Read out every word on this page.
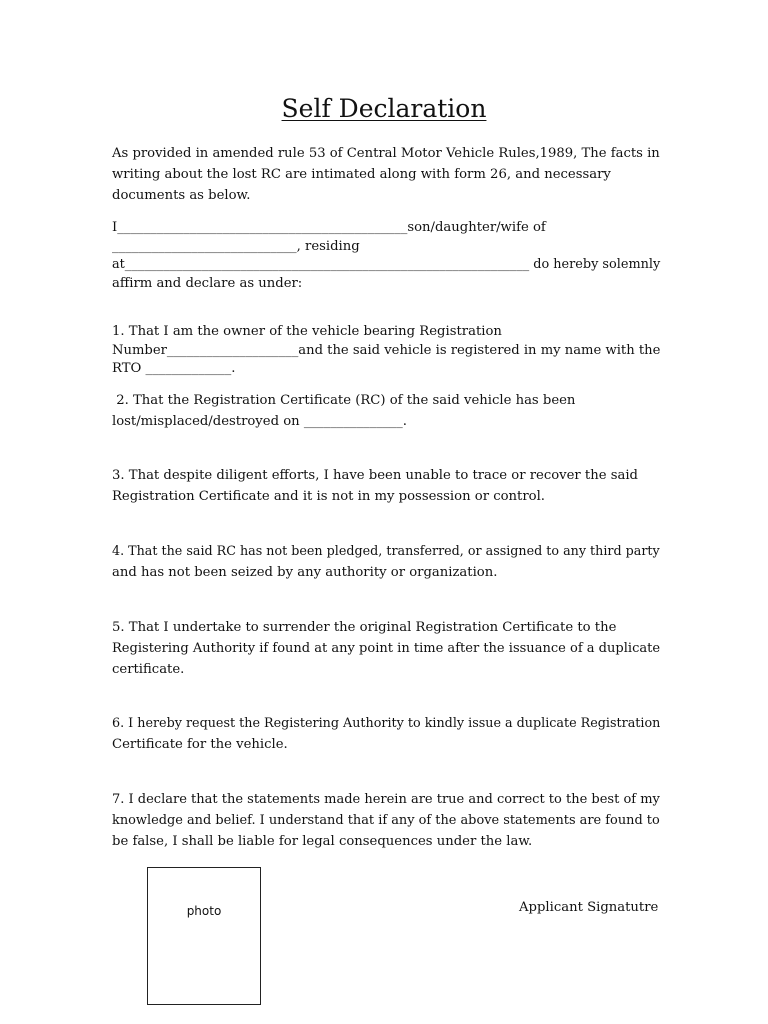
Self Declaration

As provided in amended rule 53 of Central Motor Vehicle Rules,1989, The facts in
writing about the lost RC are intimated along with form 26, and necessary
documents as below.

I____________________________________________son/daughter/wife of
____________________________, residing
at_______________________________________________________________ do hereby solemnly
affirm and declare as under:

1. That I am the owner of the vehicle bearing Registration
Number____________________and the said vehicle is registered in my name with the
RTO _____________.

2. That the Registration Certificate (RC) of the said vehicle has been
lost/misplaced/destroyed on _______________.

3. That despite diligent efforts, I have been unable to trace or recover the said
Registration Certificate and it is not in my possession or control.

4. That the said RC has not been pledged, transferred, or assigned to any third party
and has not been seized by any authority or organization.

5. That I undertake to surrender the original Registration Certificate to the
Registering Authority if found at any point in time after the issuance of a duplicate
certificate.

6. I hereby request the Registering Authority to kindly issue a duplicate Registration
Certificate for the vehicle.

7. I declare that the statements made herein are true and correct to the best of my
knowledge and belief. I understand that if any of the above statements are found to
be false, I shall be liable for legal consequences under the law.

photo	Applicant Signatutre
